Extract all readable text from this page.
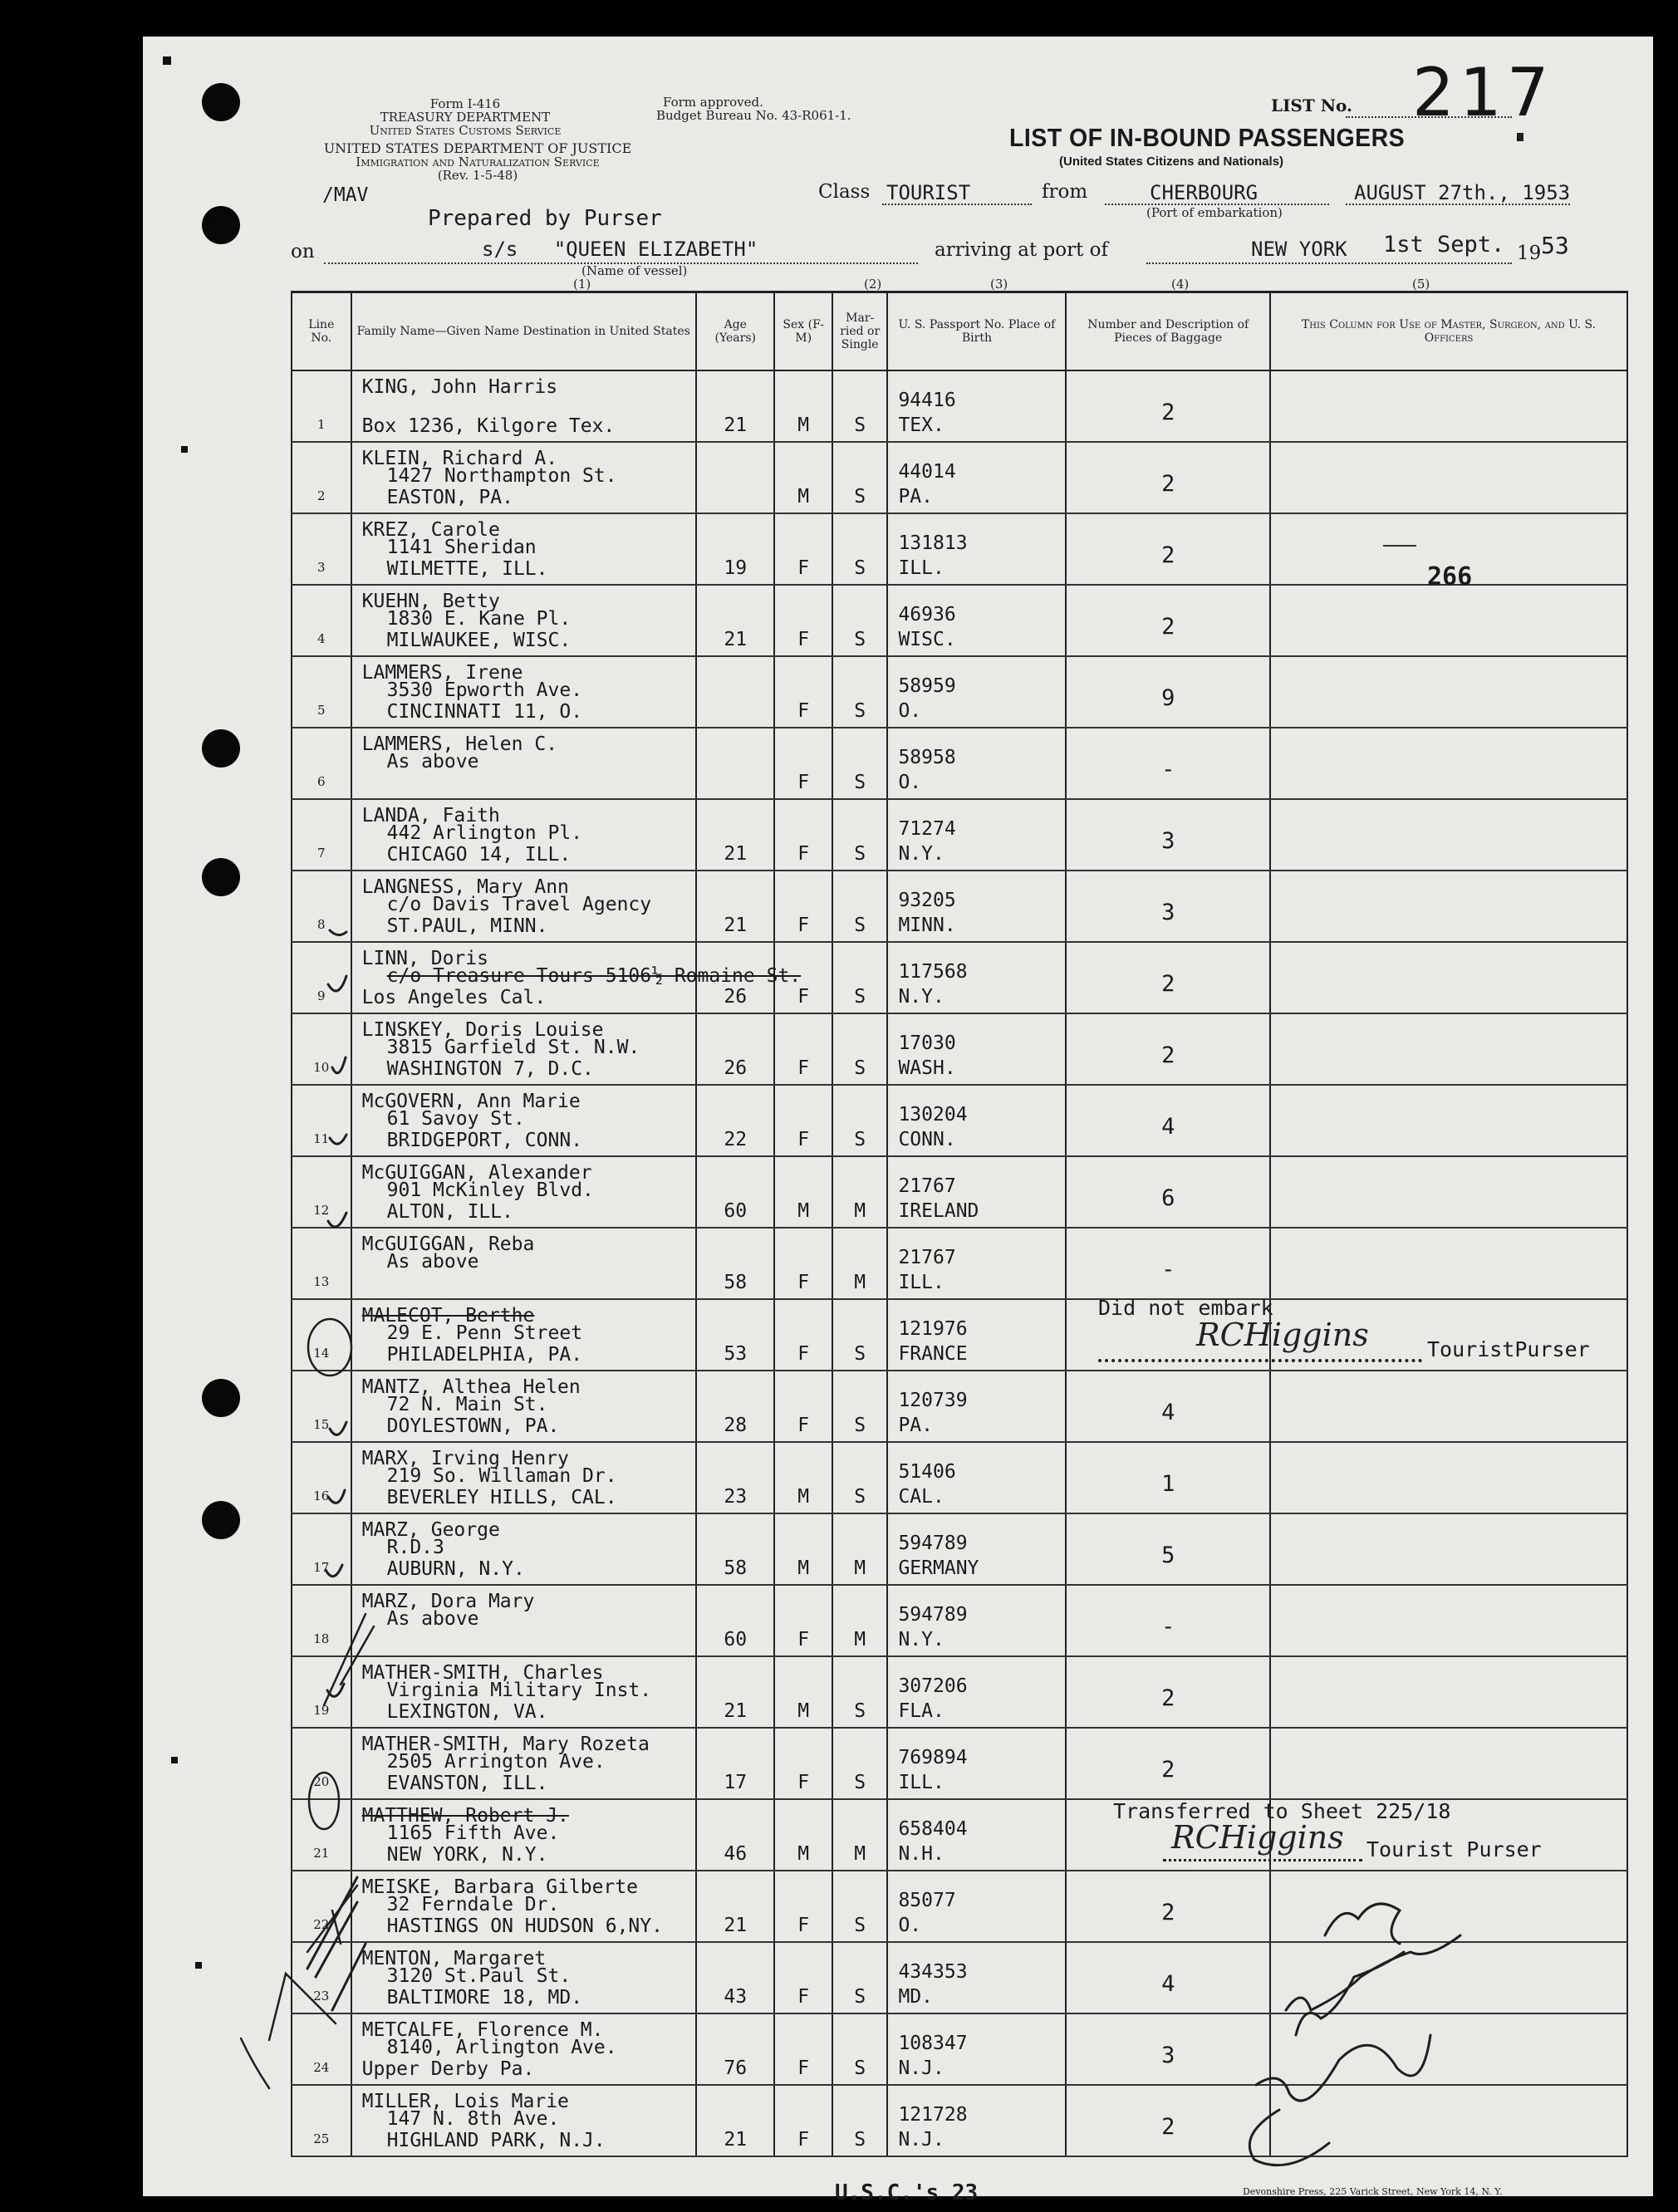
Form I-416
TREASURY DEPARTMENT
United States Customs Service
Form approved.
Budget Bureau No. 43-R061-1.
UNITED STATES DEPARTMENT OF JUSTICE
Immigration and Naturalization Service
(Rev. 1-5-48)
LIST No. 217
LIST OF IN-BOUND PASSENGERS
(United States Citizens and Nationals)
/MAV
Prepared by Purser
Class TOURIST	from	CHERBOURG
(Port of embarkation)
AUGUST 27th., 1953
on	s/s   "QUEEN ELIZABETH"
(Name of vessel)
arriving at port of	NEW YORK 1st Sept. 19 53
(1)	(2)	(3)	(4)	(5)
Line No.	Family Name—Given Name Destination in United States	Age (Years)	Sex (F-M)	Mar-ried or Single	U. S. Passport No. Place of Birth	Number and Description of Pieces of Baggage	This Column for Use of Master, Surgeon, and U. S. Officers

1	KING, John Harris
Box 1236, Kilgore Tex.	21	M	S	94416
TEX.	2	

2	KLEIN, Richard A.
1427 Northampton St.
EASTON, PA.		M	S	44014
PA.	2	

3	KREZ, Carole
1141 Sheridan
WILMETTE, ILL.	19	F	S	131813
ILL.	2	

4	KUEHN, Betty
1830 E. Kane Pl.
MILWAUKEE, WISC.	21	F	S	46936
WISC.	2	

5	LAMMERS, Irene
3530 Epworth Ave.
CINCINNATI 11, O.		F	S	58959
O.	9	

6	LAMMERS, Helen C.
As above		F	S	58958
O.	-	

7	LANDA, Faith
442 Arlington Pl.
CHICAGO 14, ILL.	21	F	S	71274
N.Y.	3	

8	LANGNESS, Mary Ann
c/o Davis Travel Agency
ST.PAUL, MINN.	21	F	S	93205
MINN.	3	

9	LINN, Doris
c/o Treasure Tours 5106½ Romaine St.
Los Angeles Cal.	26	F	S	117568
N.Y.	2	

10	LINSKEY, Doris Louise
3815 Garfield St. N.W.
WASHINGTON 7, D.C.	26	F	S	17030
WASH.	2	

11	McGOVERN, Ann Marie
61 Savoy St.
BRIDGEPORT, CONN.	22	F	S	130204
CONN.	4	

12	McGUIGGAN, Alexander
901 McKinley Blvd.
ALTON, ILL.	60	M	M	21767
IRELAND	6	

13	McGUIGGAN, Reba
As above	58	F	M	21767
ILL.	-	

14	MALECOT, Berthe
29 E. Penn Street
PHILADELPHIA, PA.	53	F	S	121976
FRANCE		

15	MANTZ, Althea Helen
72 N. Main St.
DOYLESTOWN, PA.	28	F	S	120739
PA.	4	

16	MARX, Irving Henry
219 So. Willaman Dr.
BEVERLEY HILLS, CAL.	23	M	S	51406
CAL.	1	

17	MARZ, George
R.D.3
AUBURN, N.Y.	58	M	M	594789
GERMANY	5	

18	MARZ, Dora Mary
As above	60	F	M	594789
N.Y.	-	

19	MATHER-SMITH, Charles
Virginia Military Inst.
LEXINGTON, VA.	21	M	S	307206
FLA.	2	

20	MATHER-SMITH, Mary Rozeta
2505 Arrington Ave.
EVANSTON, ILL.	17	F	S	769894
ILL.	2	

21	MATTHEW, Robert J.
1165 Fifth Ave.
NEW YORK, N.Y.	46	M	M	658404
N.H.		

22	MEISKE, Barbara Gilberte
32 Ferndale Dr.
HASTINGS ON HUDSON 6,NY.	21	F	S	85077
O.	2	

23	MENTON, Margaret
3120 St.Paul St.
BALTIMORE 18, MD.	43	F	S	434353
MD.	4	

24	METCALFE, Florence M.
8140, Arlington Ave.
Upper Derby Pa.	76	F	S	108347
N.J.	3	

25	MILLER, Lois Marie
147 N. 8th Ave.
HIGHLAND PARK, N.J.	21	F	S	121728
N.J.	2	

Did not embark
RCHiggins	TouristPurser
Transferred to Sheet 225/18
RCHiggins Tourist Purser
266
U.S.C.'s 23	Devonshire Press, 225 Varick Street, New York 14, N. Y.
